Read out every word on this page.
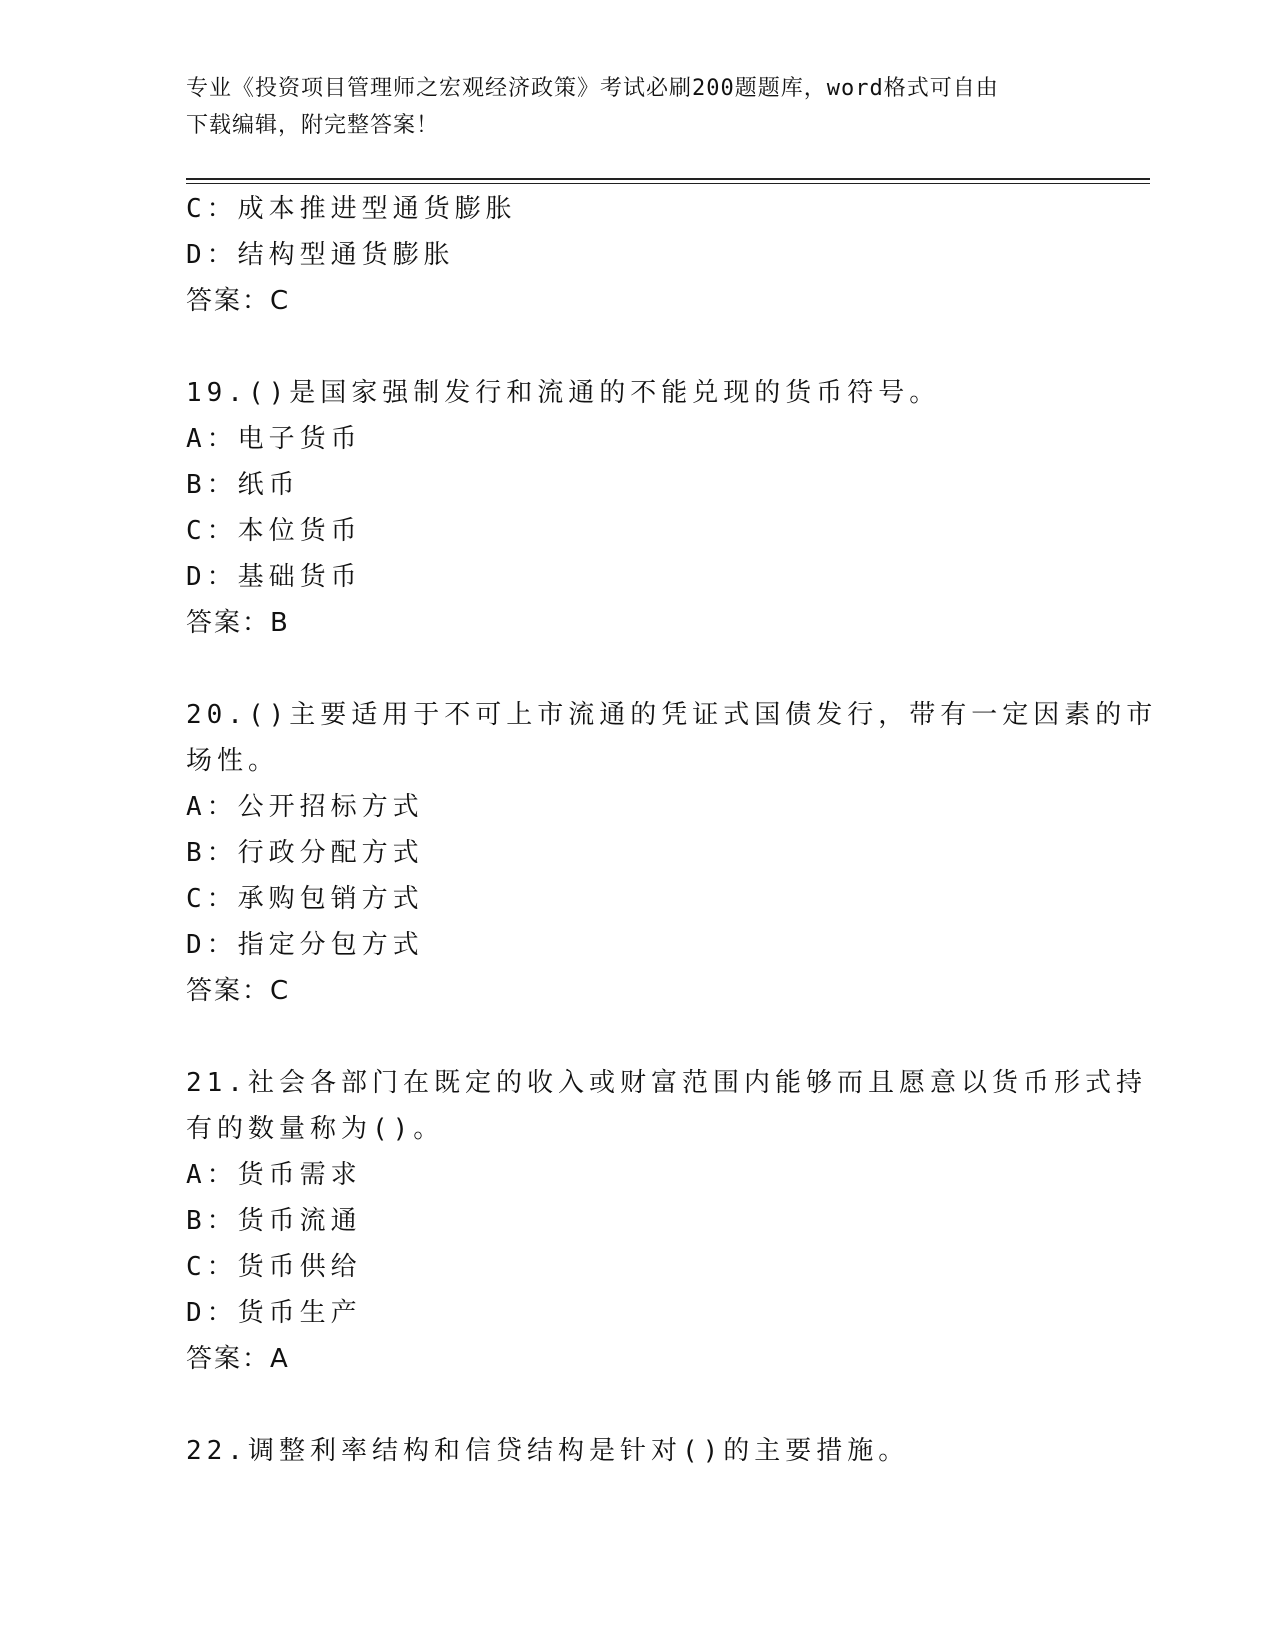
专业《投资项目管理师之宏观经济政策》考试必刷200题题库，word格式可自由
下载编辑，附完整答案！
C：成本推进型通货膨胀
D：结构型通货膨胀
答案：C
19.()是国家强制发行和流通的不能兑现的货币符号。
A：电子货币
B：纸币
C：本位货币
D：基础货币
答案：B
20.()主要适用于不可上市流通的凭证式国债发行，带有一定因素的市
场性。
A：公开招标方式
B：行政分配方式
C：承购包销方式
D：指定分包方式
答案：C
21.社会各部门在既定的收入或财富范围内能够而且愿意以货币形式持
有的数量称为()。
A：货币需求
B：货币流通
C：货币供给
D：货币生产
答案：A
22.调整利率结构和信贷结构是针对()的主要措施。
